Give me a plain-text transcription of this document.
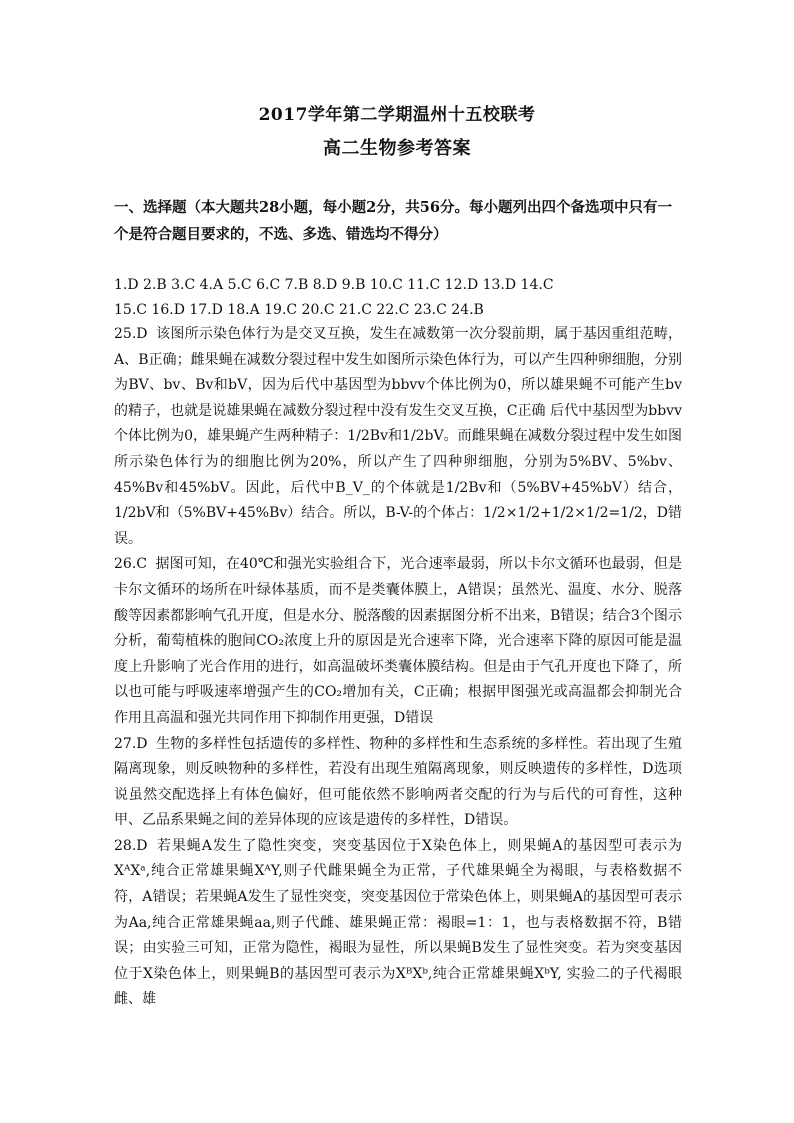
2017学年第二学期温州十五校联考
高二生物参考答案
一、选择题（本大题共28小题，每小题2分，共56分。每小题列出四个备选项中只有一个是符合题目要求的，不选、多选、错选均不得分）
1.D 2.B 3.C 4.A 5.C 6.C 7.B 8.D 9.B 10.C 11.C 12.D 13.D 14.C
15.C 16.D 17.D 18.A 19.C 20.C 21.C 22.C 23.C 24.B

25.D 该图所示染色体行为是交叉互换，发生在减数第一次分裂前期，属于基因重组范畴，A、B正确；雌果蝇在减数分裂过程中发生如图所示染色体行为，可以产生四种卵细胞，分别为BV、bv、Bv和bV，因为后代中基因型为bbvv个体比例为0，所以雄果蝇不可能产生bv的精子，也就是说雄果蝇在减数分裂过程中没有发生交叉互换，C正确 后代中基因型为bbvv个体比例为0，雄果蝇产生两种精子：1/2Bv和1/2bV。而雌果蝇在减数分裂过程中发生如图所示染色体行为的细胞比例为20%，所以产生了四种卵细胞，分别为5%BV、5%bv、45%Bv和45%bV。因此，后代中B_V_的个体就是1/2Bv和（5%BV+45%bV）结合，1/2bV和（5%BV+45%Bv）结合。所以，B-V-的个体占：1/2×1/2+1/2×1/2=1/2，D错误。

26.C 据图可知，在40℃和强光实验组合下，光合速率最弱，所以卡尔文循环也最弱，但是卡尔文循环的场所在叶绿体基质，而不是类囊体膜上，A错误；虽然光、温度、水分、脱落酸等因素都影响气孔开度，但是水分、脱落酸的因素据图分析不出来，B错误；结合3个图示分析，葡萄植株的胞间CO₂浓度上升的原因是光合速率下降，光合速率下降的原因可能是温度上升影响了光合作用的进行，如高温破坏类囊体膜结构。但是由于气孔开度也下降了，所以也可能与呼吸速率增强产生的CO₂增加有关，C正确；根据甲图强光或高温都会抑制光合作用且高温和强光共同作用下抑制作用更强，D错误

27.D 生物的多样性包括遗传的多样性、物种的多样性和生态系统的多样性。若出现了生殖隔离现象，则反映物种的多样性，若没有出现生殖隔离现象，则反映遗传的多样性，D选项说虽然交配选择上有体色偏好，但可能依然不影响两者交配的行为与后代的可育性，这种甲、乙品系果蝇之间的差异体现的应该是遗传的多样性，D错误。

28.D 若果蝇A发生了隐性突变，突变基因位于X染色体上，则果蝇A的基因型可表示为XᴬXᵃ,纯合正常雄果蝇XᴬY,则子代雌果蝇全为正常，子代雄果蝇全为褐眼，与表格数据不符，A错误；若果蝇A发生了显性突变，突变基因位于常染色体上，则果蝇A的基因型可表示为Aa,纯合正常雄果蝇aa,则子代雌、雄果蝇正常：褐眼=1：1，也与表格数据不符，B错误；由实验三可知，正常为隐性，褐眼为显性，所以果蝇B发生了显性突变。若为突变基因位于X染色体上，则果蝇B的基因型可表示为XᴮXᵇ,纯合正常雄果蝇XᵇY, 实验二的子代褐眼雌、雄
